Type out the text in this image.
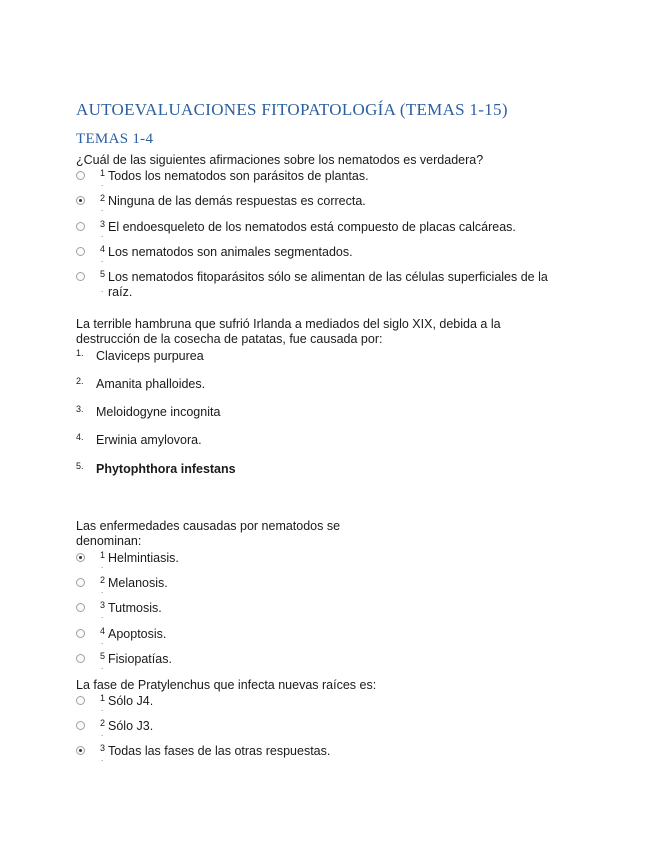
AUTOEVALUACIONES FITOPATOLOGÍA (TEMAS 1-15)
TEMAS 1-4
¿Cuál de las siguientes afirmaciones sobre los nematodos es verdadera?
1
.
Todos los nematodos son parásitos de plantas.
2
.
Ninguna de las demás respuestas es correcta.
3
.
El endoesqueleto de los nematodos está compuesto de placas calcáreas.
4
.
Los nematodos son animales segmentados.
5
.
Los nematodos fitoparásitos sólo se alimentan de las células superficiales de la raíz.
La terrible hambruna que sufrió Irlanda a mediados del siglo XIX, debida a la
destrucción de la cosecha de patatas, fue causada por:
1. Claviceps purpurea
2. Amanita phalloides.
3. Meloidogyne incognita
4. Erwinia amylovora.
5. Phytophthora infestans
Las enfermedades causadas por nematodos se
denominan:
1
.
Helmintiasis.
2
.
Melanosis.
3
.
Tutmosis.
4
.
Apoptosis.
5
.
Fisiopatías.
La fase de Pratylenchus que infecta nuevas raíces es:
1
.
Sólo J4.
2
.
Sólo J3.
3
.
Todas las fases de las otras respuestas.
